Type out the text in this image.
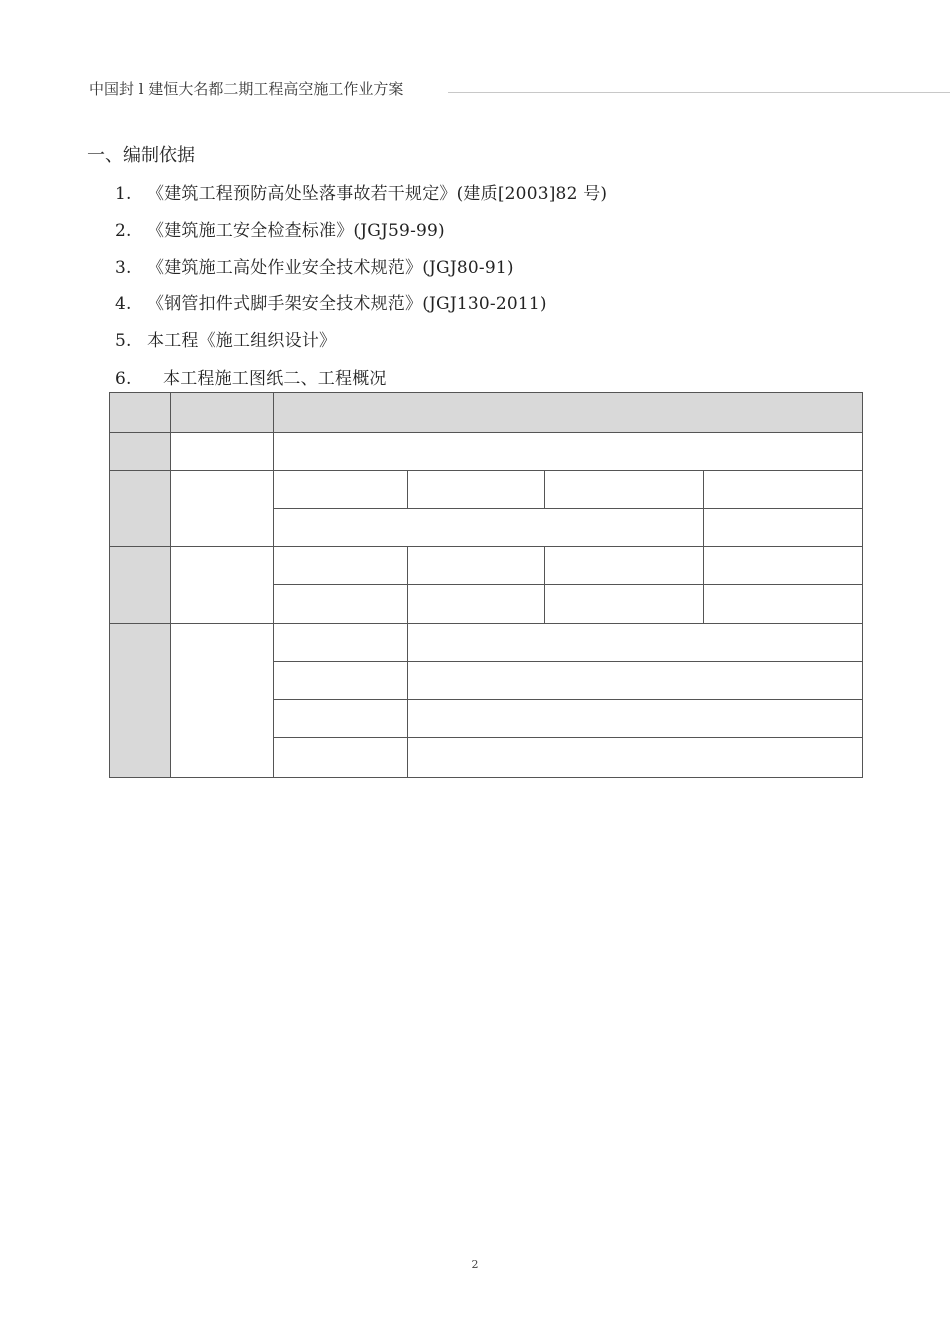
中国封 l 建恒大名都二期工程高空施工作业方案
一、编制依据
1. 《建筑工程预防高处坠落事故若干规定》(建质[2003]82 号)
2. 《建筑施工安全检查标准》(JGJ59-99)
3. 《建筑施工高处作业安全技术规范》(JGJ80-91)
4. 《钢管扣件式脚手架安全技术规范》(JGJ130-2011)
5. 本工程《施工组织设计》
6. 本工程施工图纸二、工程概况

2
